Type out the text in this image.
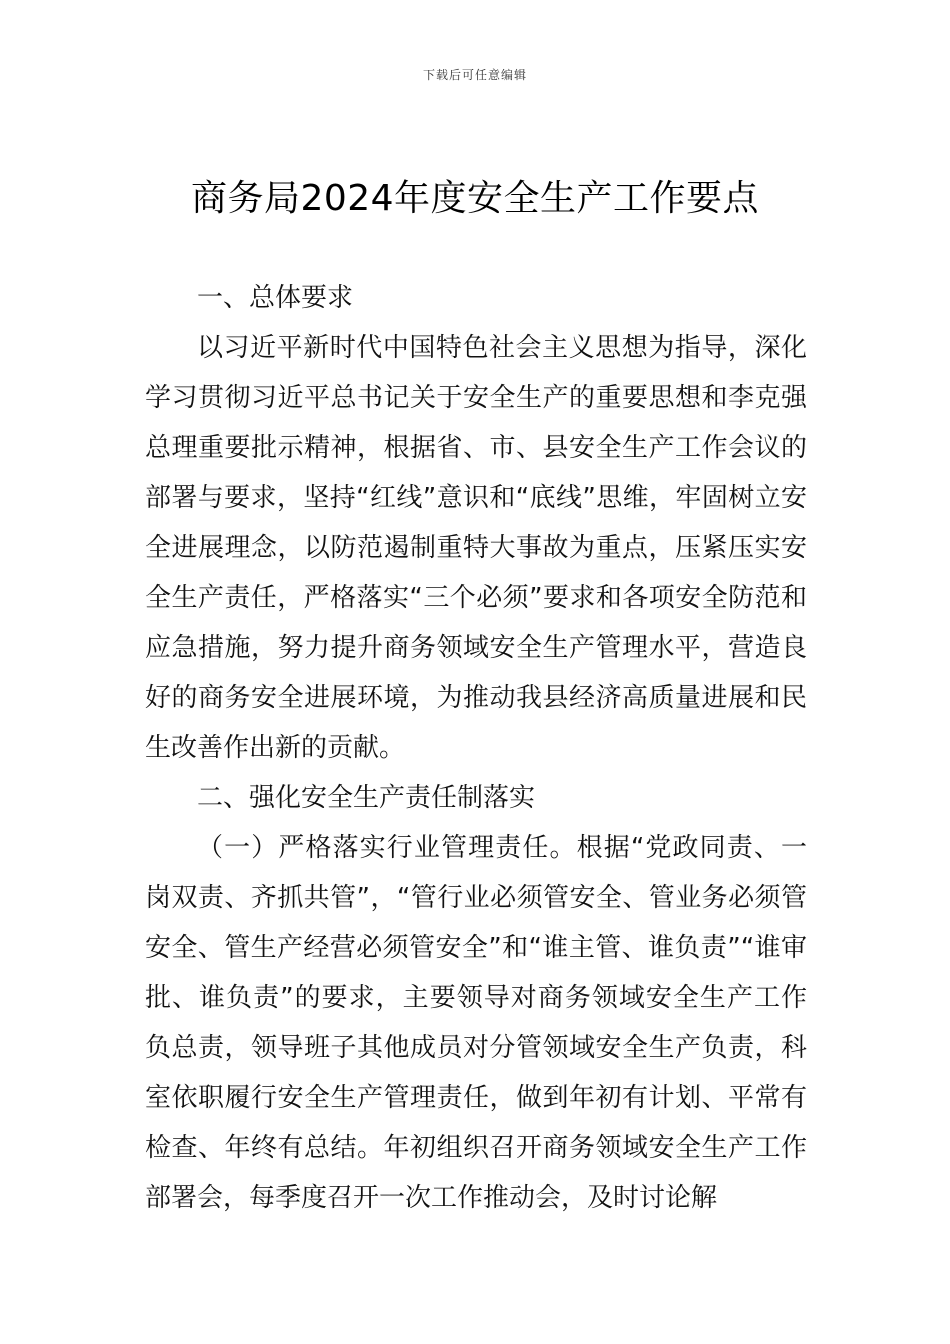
下载后可任意编辑
商务局2024年度安全生产工作要点

一、总体要求

以习近平新时代中国特色社会主义思想为指导，深化学习贯彻习近平总书记关于安全生产的重要思想和李克强总理重要批示精神，根据省、市、县安全生产工作会议的部署与要求，坚持“红线”意识和“底线”思维，牢固树立安全进展理念，以防范遏制重特大事故为重点，压紧压实安全生产责任，严格落实“三个必须”要求和各项安全防范和应急措施，努力提升商务领域安全生产管理水平，营造良好的商务安全进展环境，为推动我县经济高质量进展和民生改善作出新的贡献。

二、强化安全生产责任制落实

（一）严格落实行业管理责任。根据“党政同责、一岗双责、齐抓共管”，“管行业必须管安全、管业务必须管安全、管生产经营必须管安全”和“谁主管、谁负责”“谁审批、谁负责”的要求，主要领导对商务领域安全生产工作负总责，领导班子其他成员对分管领域安全生产负责，科室依职履行安全生产管理责任，做到年初有计划、平常有检查、年终有总结。年初组织召开商务领域安全生产工作部署会，每季度召开一次工作推动会，及时讨论解
